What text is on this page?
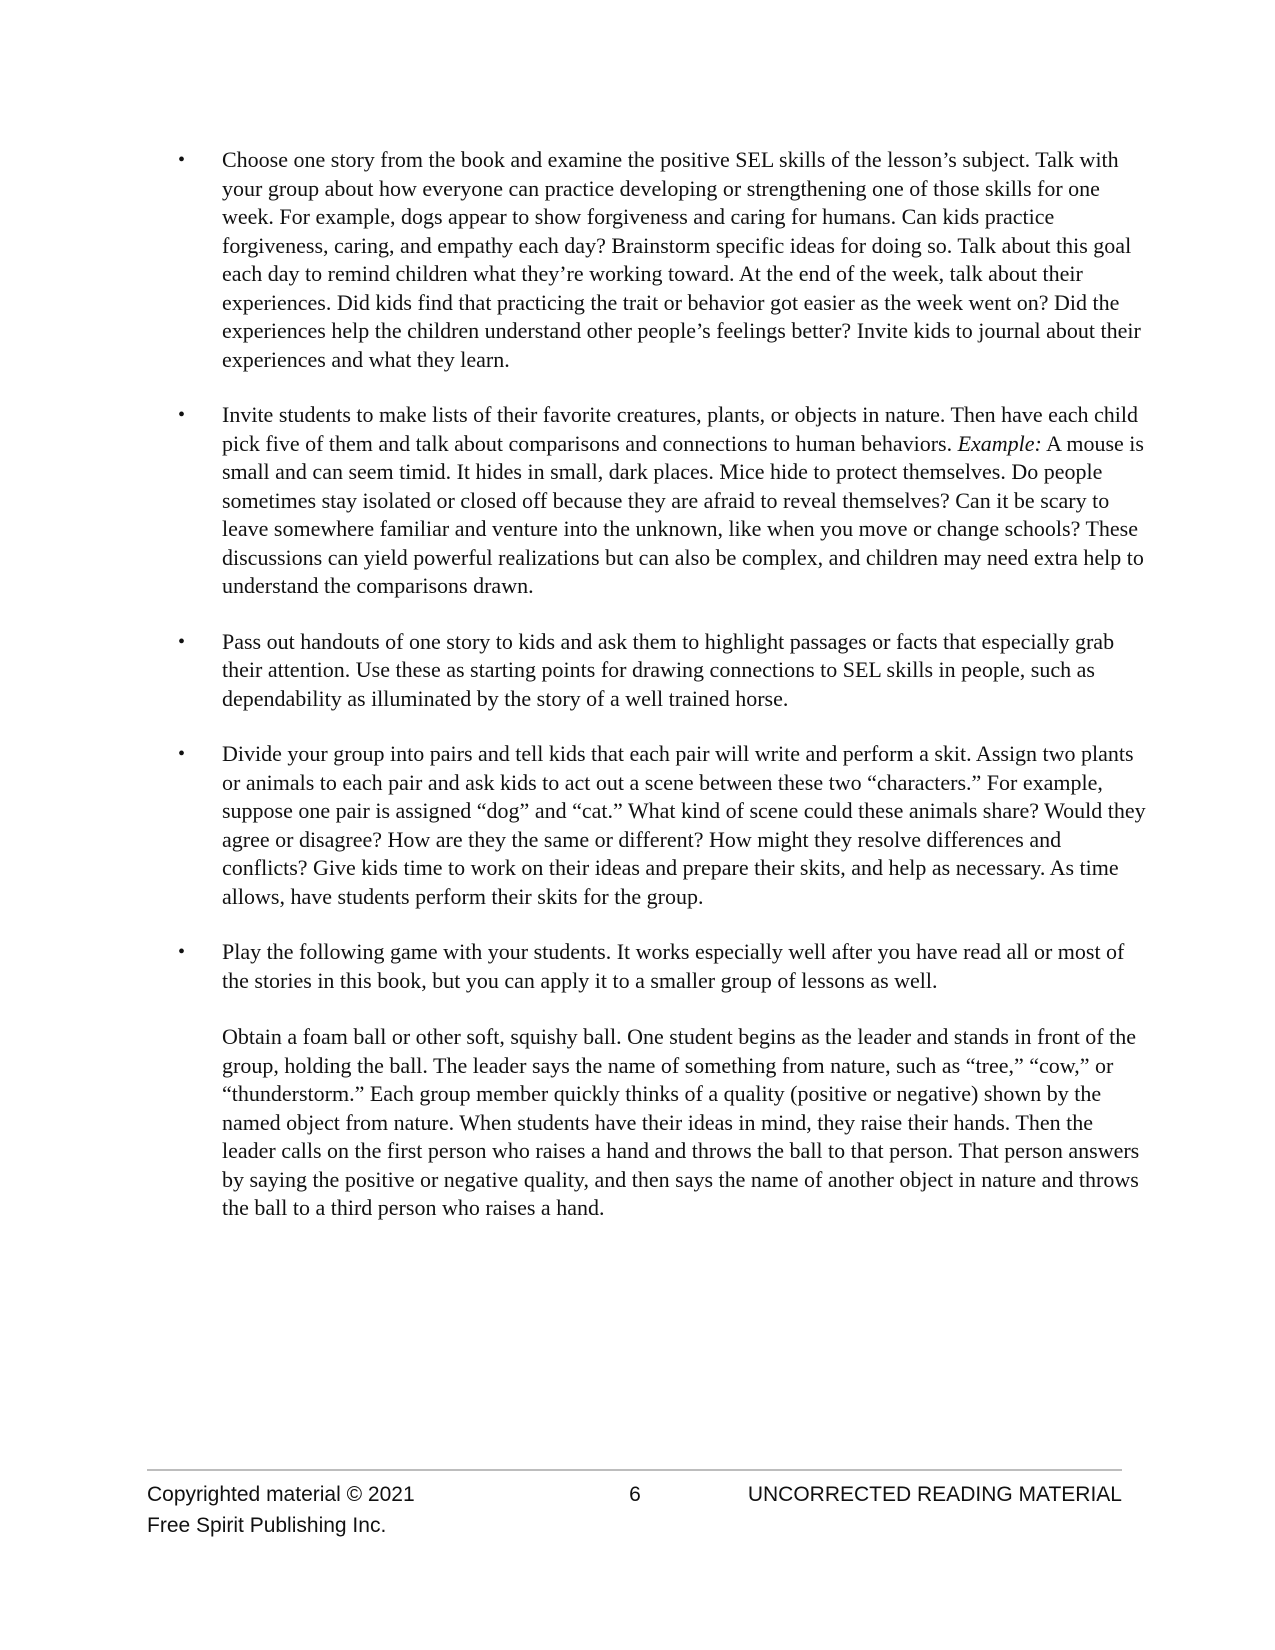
•	Choose one story from the book and examine the positive SEL skills of the lesson’s subject. Talk with your group about how everyone can practice developing or strengthening one of those skills for one week. For example, dogs appear to show forgiveness and caring for humans. Can kids practice forgiveness, caring, and empathy each day? Brainstorm specific ideas for doing so. Talk about this goal each day to remind children what they’re working toward. At the end of the week, talk about their experiences. Did kids find that practicing the trait or behavior got easier as the week went on? Did the experiences help the children understand other people’s feelings better? Invite kids to journal about their experiences and what they learn.

•	Invite students to make lists of their favorite creatures, plants, or objects in nature. Then have each child pick five of them and talk about comparisons and connections to human behaviors. Example: A mouse is small and can seem timid. It hides in small, dark places. Mice hide to protect themselves. Do people sometimes stay isolated or closed off because they are afraid to reveal themselves? Can it be scary to leave somewhere familiar and venture into the unknown, like when you move or change schools? These discussions can yield powerful realizations but can also be complex, and children may need extra help to understand the comparisons drawn.

•	Pass out handouts of one story to kids and ask them to highlight passages or facts that especially grab their attention. Use these as starting points for drawing connections to SEL skills in people, such as dependability as illuminated by the story of a well trained horse.

•	Divide your group into pairs and tell kids that each pair will write and perform a skit. Assign two plants or animals to each pair and ask kids to act out a scene between these two “characters.” For example, suppose one pair is assigned “dog” and “cat.” What kind of scene could these animals share? Would they agree or disagree? How are they the same or different? How might they resolve differences and conflicts? Give kids time to work on their ideas and prepare their skits, and help as necessary. As time allows, have students perform their skits for the group.

•	Play the following game with your students. It works especially well after you have read all or most of the stories in this book, but you can apply it to a smaller group of lessons as well.

Obtain a foam ball or other soft, squishy ball. One student begins as the leader and stands in front of the group, holding the ball. The leader says the name of something from nature, such as “tree,” “cow,” or “thunderstorm.” Each group member quickly thinks of a quality (positive or negative) shown by the named object from nature. When students have their ideas in mind, they raise their hands. Then the leader calls on the first person who raises a hand and throws the ball to that person. That person answers by saying the positive or negative quality, and then says the name of another object in nature and throws the ball to a third person who raises a hand.

Copyrighted material © 2021
Free Spirit Publishing Inc.
6	UNCORRECTED READING MATERIAL
